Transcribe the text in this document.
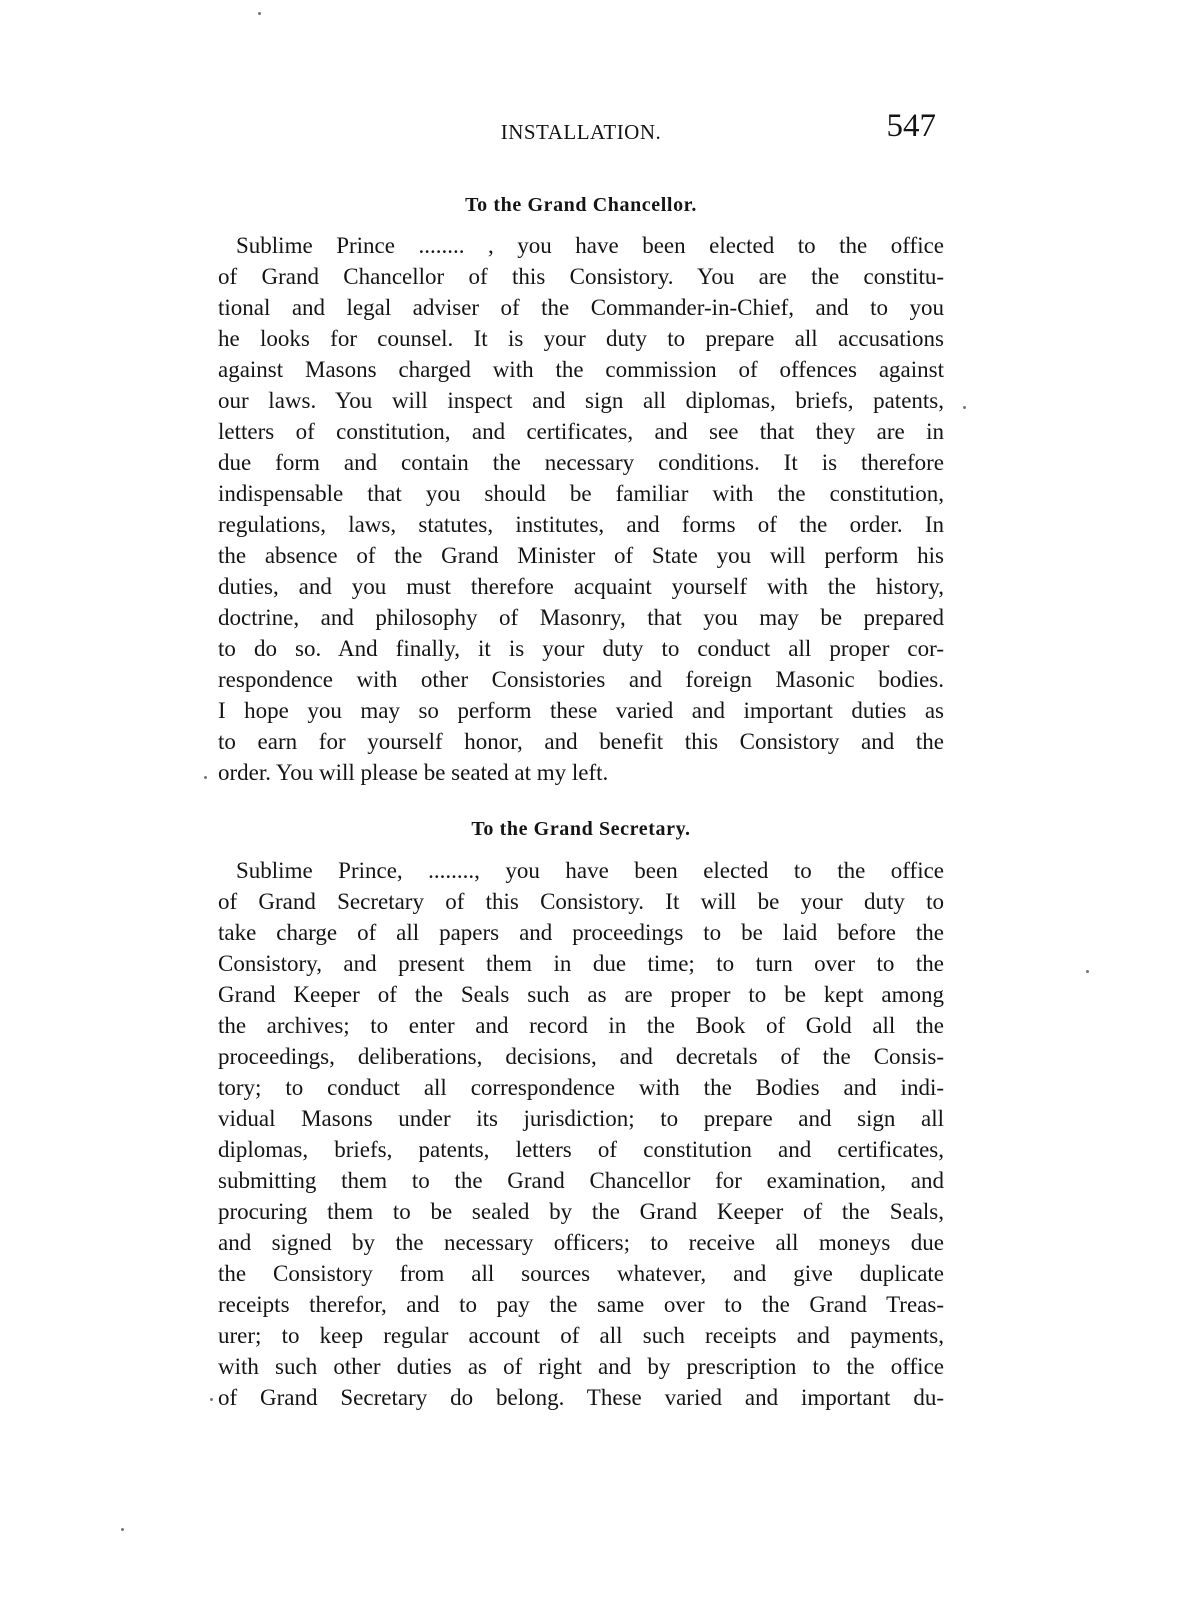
INSTALLATION.	547
To the Grand Chancellor.
Sublime Prince ........ , you have been elected to the office
of Grand Chancellor of this Consistory. You are the constitu-
tional and legal adviser of the Commander-in-Chief, and to you
he looks for counsel. It is your duty to prepare all accusations
against Masons charged with the commission of offences against
our laws. You will inspect and sign all diplomas, briefs, patents,
letters of constitution, and certificates, and see that they are in
due form and contain the necessary conditions. It is therefore
indispensable that you should be familiar with the constitution,
regulations, laws, statutes, institutes, and forms of the order. In
the absence of the Grand Minister of State you will perform his
duties, and you must therefore acquaint yourself with the history,
doctrine, and philosophy of Masonry, that you may be prepared
to do so. And finally, it is your duty to conduct all proper cor-
respondence with other Consistories and foreign Masonic bodies.
I hope you may so perform these varied and important duties as
to earn for yourself honor, and benefit this Consistory and the
order. You will please be seated at my left.
To the Grand Secretary.
Sublime Prince, ........, you have been elected to the office
of Grand Secretary of this Consistory. It will be your duty to
take charge of all papers and proceedings to be laid before the
Consistory, and present them in due time; to turn over to the
Grand Keeper of the Seals such as are proper to be kept among
the archives; to enter and record in the Book of Gold all the
proceedings, deliberations, decisions, and decretals of the Consis-
tory; to conduct all correspondence with the Bodies and indi-
vidual Masons under its jurisdiction; to prepare and sign all
diplomas, briefs, patents, letters of constitution and certificates,
submitting them to the Grand Chancellor for examination, and
procuring them to be sealed by the Grand Keeper of the Seals,
and signed by the necessary officers; to receive all moneys due
the Consistory from all sources whatever, and give duplicate
receipts therefor, and to pay the same over to the Grand Treas-
urer; to keep regular account of all such receipts and payments,
with such other duties as of right and by prescription to the office
of Grand Secretary do belong. These varied and important du-
